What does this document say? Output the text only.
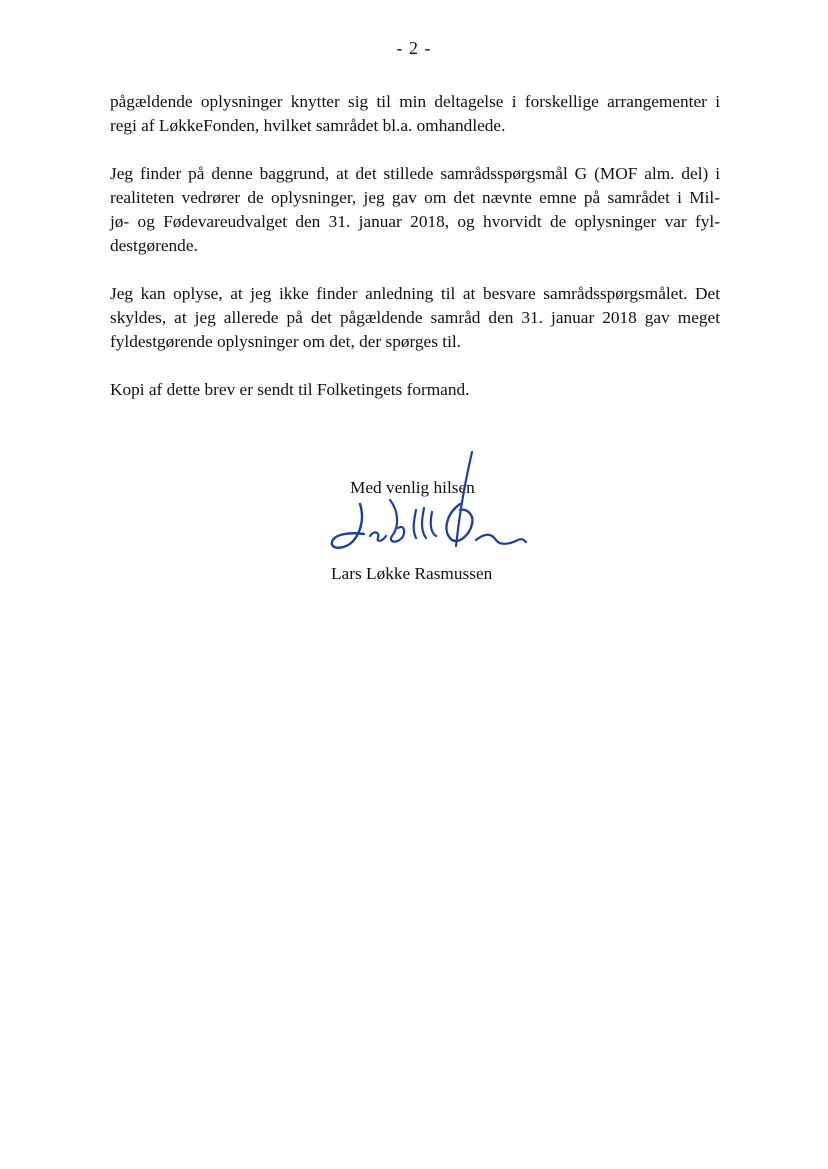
- 2 -

pågældende oplysninger knytter sig til min deltagelse i forskellige arrangementer i
regi af LøkkeFonden, hvilket samrådet bl.a. omhandlede.

Jeg finder på denne baggrund, at det stillede samrådsspørgsmål G (MOF alm. del) i
realiteten vedrører de oplysninger, jeg gav om det nævnte emne på samrådet i Mil-
jø- og Fødevareudvalget den 31. januar 2018, og hvorvidt de oplysninger var fyl-
destgørende.

Jeg kan oplyse, at jeg ikke finder anledning til at besvare samrådsspørgsmålet. Det
skyldes, at jeg allerede på det pågældende samråd den 31. januar 2018 gav meget
fyldestgørende oplysninger om det, der spørges til.

Kopi af dette brev er sendt til Folketingets formand.

Med venlig hilsen
Lars Løkke Rasmussen
